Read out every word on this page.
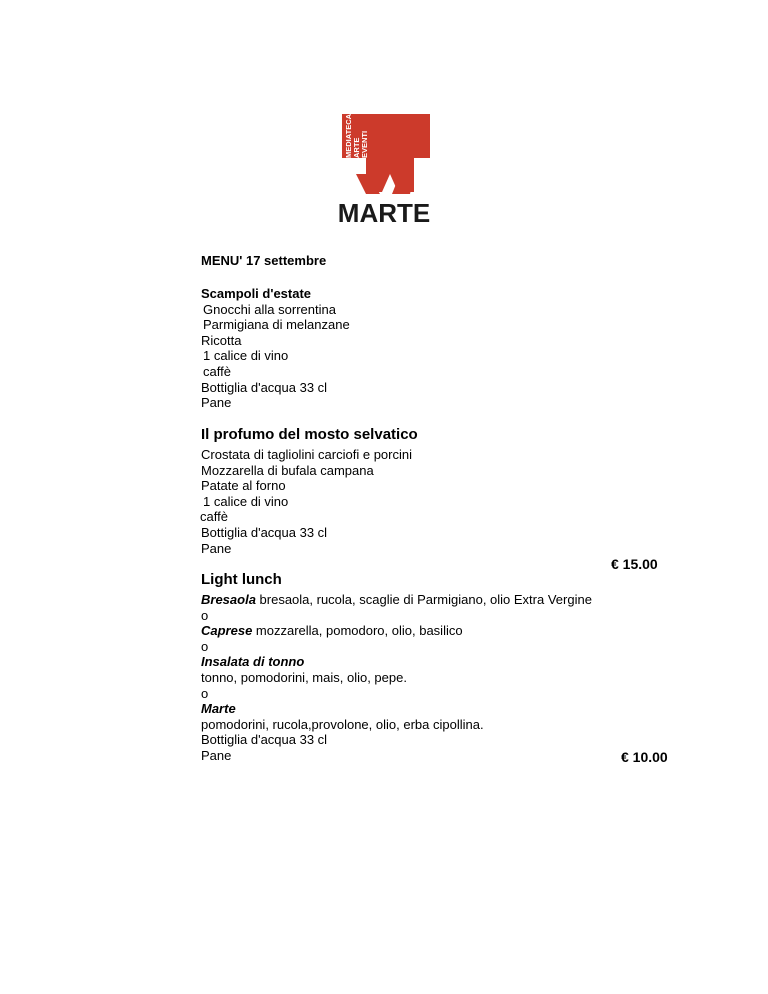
MEDIATECA ARTE EVENTI
MARTE
MENU' 17 settembre
Scampoli d'estate
Gnocchi alla sorrentina
Parmigiana di melanzane
Ricotta
1 calice di vino
caffè
Bottiglia d'acqua 33 cl
Pane
Il profumo del mosto selvatico
Crostata di tagliolini carciofi e porcini
Mozzarella di bufala campana
Patate al forno
1 calice di vino
caffè
Bottiglia d'acqua 33 cl
Pane
€ 15.00
Light lunch
Bresaola bresaola, rucola, scaglie di Parmigiano, olio Extra Vergine
o
Caprese mozzarella, pomodoro, olio, basilico
o
Insalata di tonno
tonno, pomodorini, mais, olio, pepe.
o
Marte
pomodorini, rucola,provolone, olio, erba cipollina.
Bottiglia d'acqua 33 cl
Pane	€ 10.00
